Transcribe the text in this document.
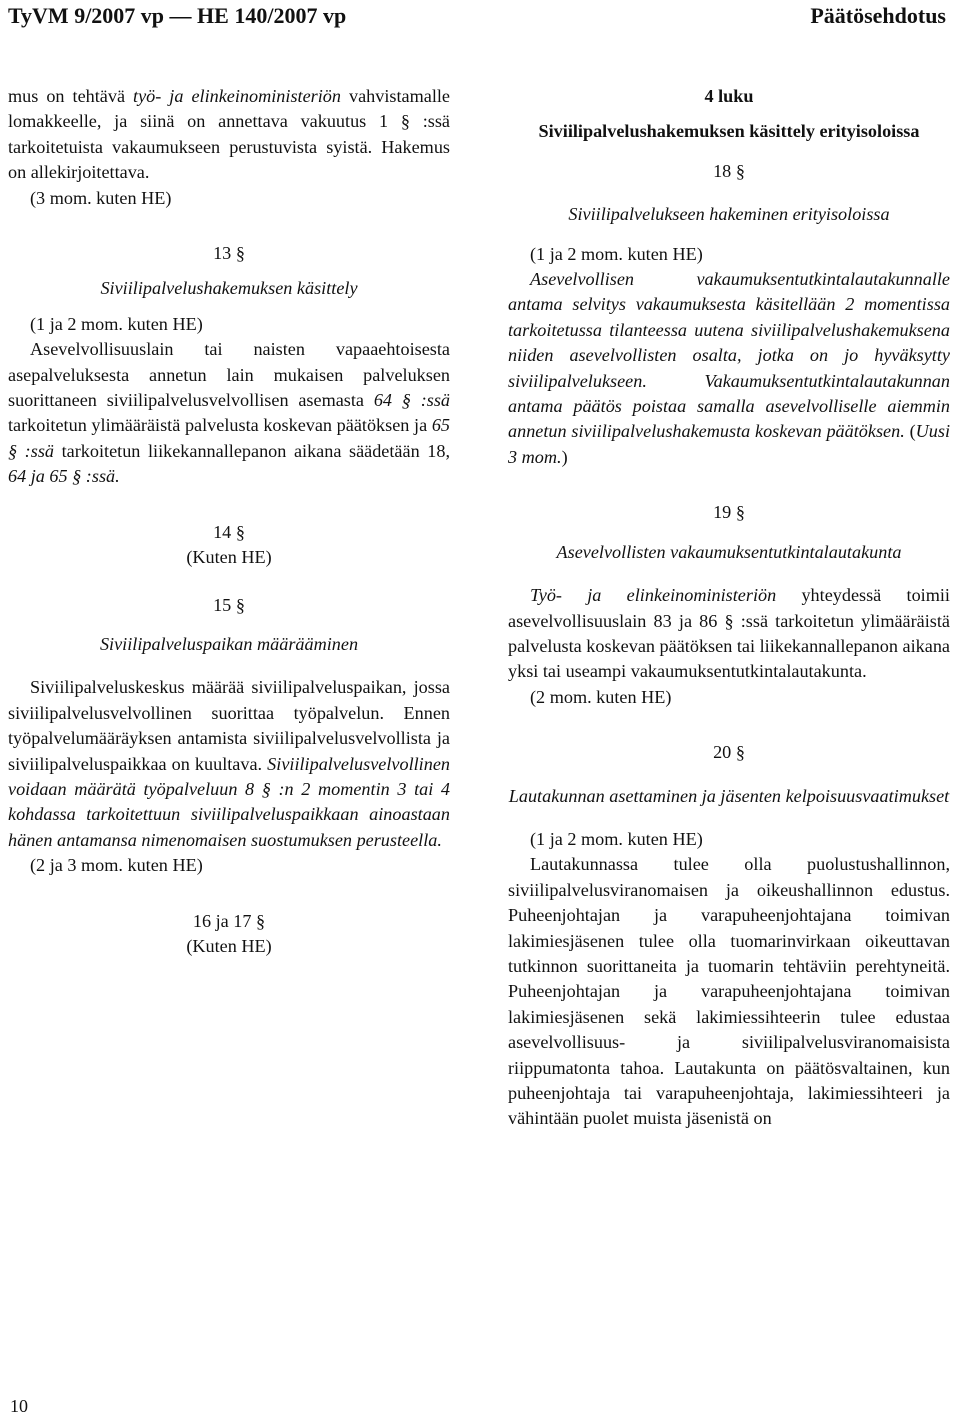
TyVM 9/2007 vp — HE 140/2007 vp	Päätösehdotus

mus on tehtävä työ- ja elinkeinoministeriön vahvistamalle lomakkeelle, ja siinä on annettava vakuutus 1 § :ssä tarkoitetuista vakaumukseen perustuvista syistä. Hakemus on allekirjoitettava.

(3 mom. kuten HE)

13 §

Siviilipalvelushakemuksen käsittely

(1 ja 2 mom. kuten HE)

Asevelvollisuuslain tai naisten vapaaehtoisesta asepalveluksesta annetun lain mukaisen palveluksen suorittaneen siviilipalvelusvelvollisen asemasta 64 § :ssä tarkoitetun ylimääräistä palvelusta koskevan päätöksen ja 65 § :ssä tarkoitetun liikekannallepanon aikana säädetään 18, 64 ja 65 § :ssä.

14 §

(Kuten HE)

15 §

Siviilipalveluspaikan määrääminen

Siviilipalveluskeskus määrää siviilipalveluspaikan, jossa siviilipalvelusvelvollinen suorittaa työpalvelun. Ennen työpalvelumääräyksen antamista siviilipalvelusvelvollista ja siviilipalveluspaikkaa on kuultava. Siviilipalvelusvelvollinen voidaan määrätä työpalveluun 8 § :n 2 momentin 3 tai 4 kohdassa tarkoitettuun siviilipalveluspaikkaan ainoastaan hänen antamansa nimenomaisen suostumuksen perusteella.

(2 ja 3 mom. kuten HE)

16 ja 17 §

(Kuten HE)

4 luku

Siviilipalvelushakemuksen käsittely erityisoloissa

18 §

Siviilipalvelukseen hakeminen erityisoloissa

(1 ja 2 mom. kuten HE)

Asevelvollisen vakaumuksentutkintalautakunnalle antama selvitys vakaumuksesta käsitellään 2 momentissa tarkoitetussa tilanteessa uutena siviilipalvelushakemuksena niiden asevelvollisten osalta, jotka on jo hyväksytty siviilipalvelukseen. Vakaumuksentutkintalautakunnan antama päätös poistaa samalla asevelvolliselle aiemmin annetun siviilipalvelushakemusta koskevan päätöksen. (Uusi 3 mom.)

19 §

Asevelvollisten vakaumuksentutkintalautakunta

Työ- ja elinkeinoministeriön yhteydessä toimii asevelvollisuuslain 83 ja 86 § :ssä tarkoitetun ylimääräistä palvelusta koskevan päätöksen tai liikekannallepanon aikana yksi tai useampi vakaumuksentutkintalautakunta.

(2 mom. kuten HE)

20 §

Lautakunnan asettaminen ja jäsenten kelpoisuusvaatimukset

(1 ja 2 mom. kuten HE)

Lautakunnassa tulee olla puolustushallinnon, siviilipalvelusviranomaisen ja oikeushallinnon edustus. Puheenjohtajan ja varapuheenjohtajana toimivan lakimiesjäsenen tulee olla tuomarinvirkaan oikeuttavan tutkinnon suorittaneita ja tuomarin tehtäviin perehtyneitä. Puheenjohtajan ja varapuheenjohtajana toimivan lakimiesjäsenen sekä lakimiessihteerin tulee edustaa asevelvollisuus- ja siviilipalvelusviranomaisista riippumatonta tahoa. Lautakunta on päätösvaltainen, kun puheenjohtaja tai varapuheenjohtaja, lakimiessihteeri ja vähintään puolet muista jäsenistä on

10
